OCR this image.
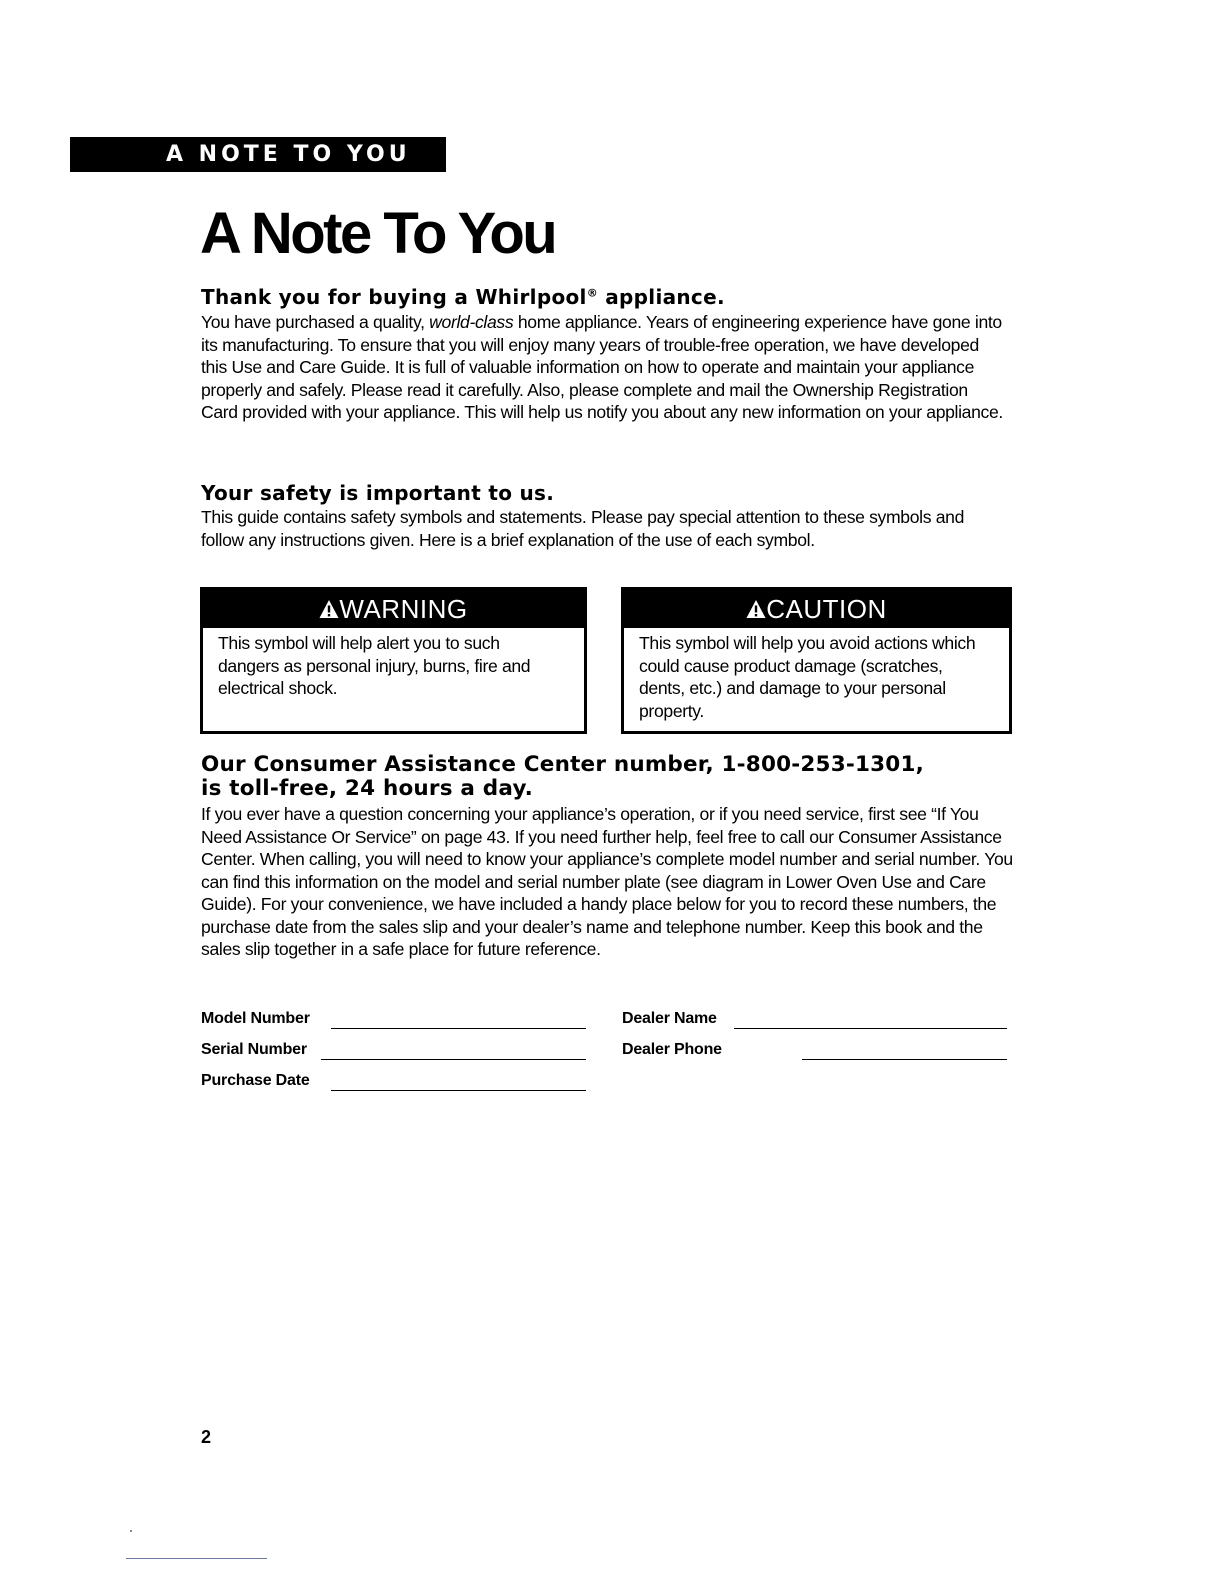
A NOTE TO YOU
A Note To You
Thank you for buying a Whirlpool® appliance.

You have purchased a quality, world-class home appliance. Years of engineering experience have gone into its manufacturing. To ensure that you will enjoy many years of trouble-free operation, we have developed this Use and Care Guide. It is full of valuable information on how to operate and maintain your appliance properly and safely. Please read it carefully. Also, please complete and mail the Ownership Registration Card provided with your appliance. This will help us notify you about any new information on your appliance.

Your safety is important to us.

This guide contains safety symbols and statements. Please pay special attention to these symbols and follow any instructions given. Here is a brief explanation of the use of each symbol.

WARNING
This symbol will help alert you to such dangers as personal injury, burns, fire and electrical shock.
CAUTION
This symbol will help you avoid actions which could cause product damage (scratches, dents, etc.) and damage to your personal property.
Our Consumer Assistance Center number, 1-800-253-1301,
is toll-free, 24 hours a day.

If you ever have a question concerning your appliance’s operation, or if you need service, first see “If You Need Assistance Or Service” on page 43. If you need further help, feel free to call our Consumer Assistance Center. When calling, you will need to know your appliance’s complete model number and serial number. You can find this information on the model and serial number plate (see diagram in Lower Oven Use and Care Guide). For your convenience, we have included a handy place below for you to record these numbers, the purchase date from the sales slip and your dealer’s name and telephone number. Keep this book and the sales slip together in a safe place for future reference.

Model Number
Serial Number
Purchase Date
Dealer Name
Dealer Phone
2
